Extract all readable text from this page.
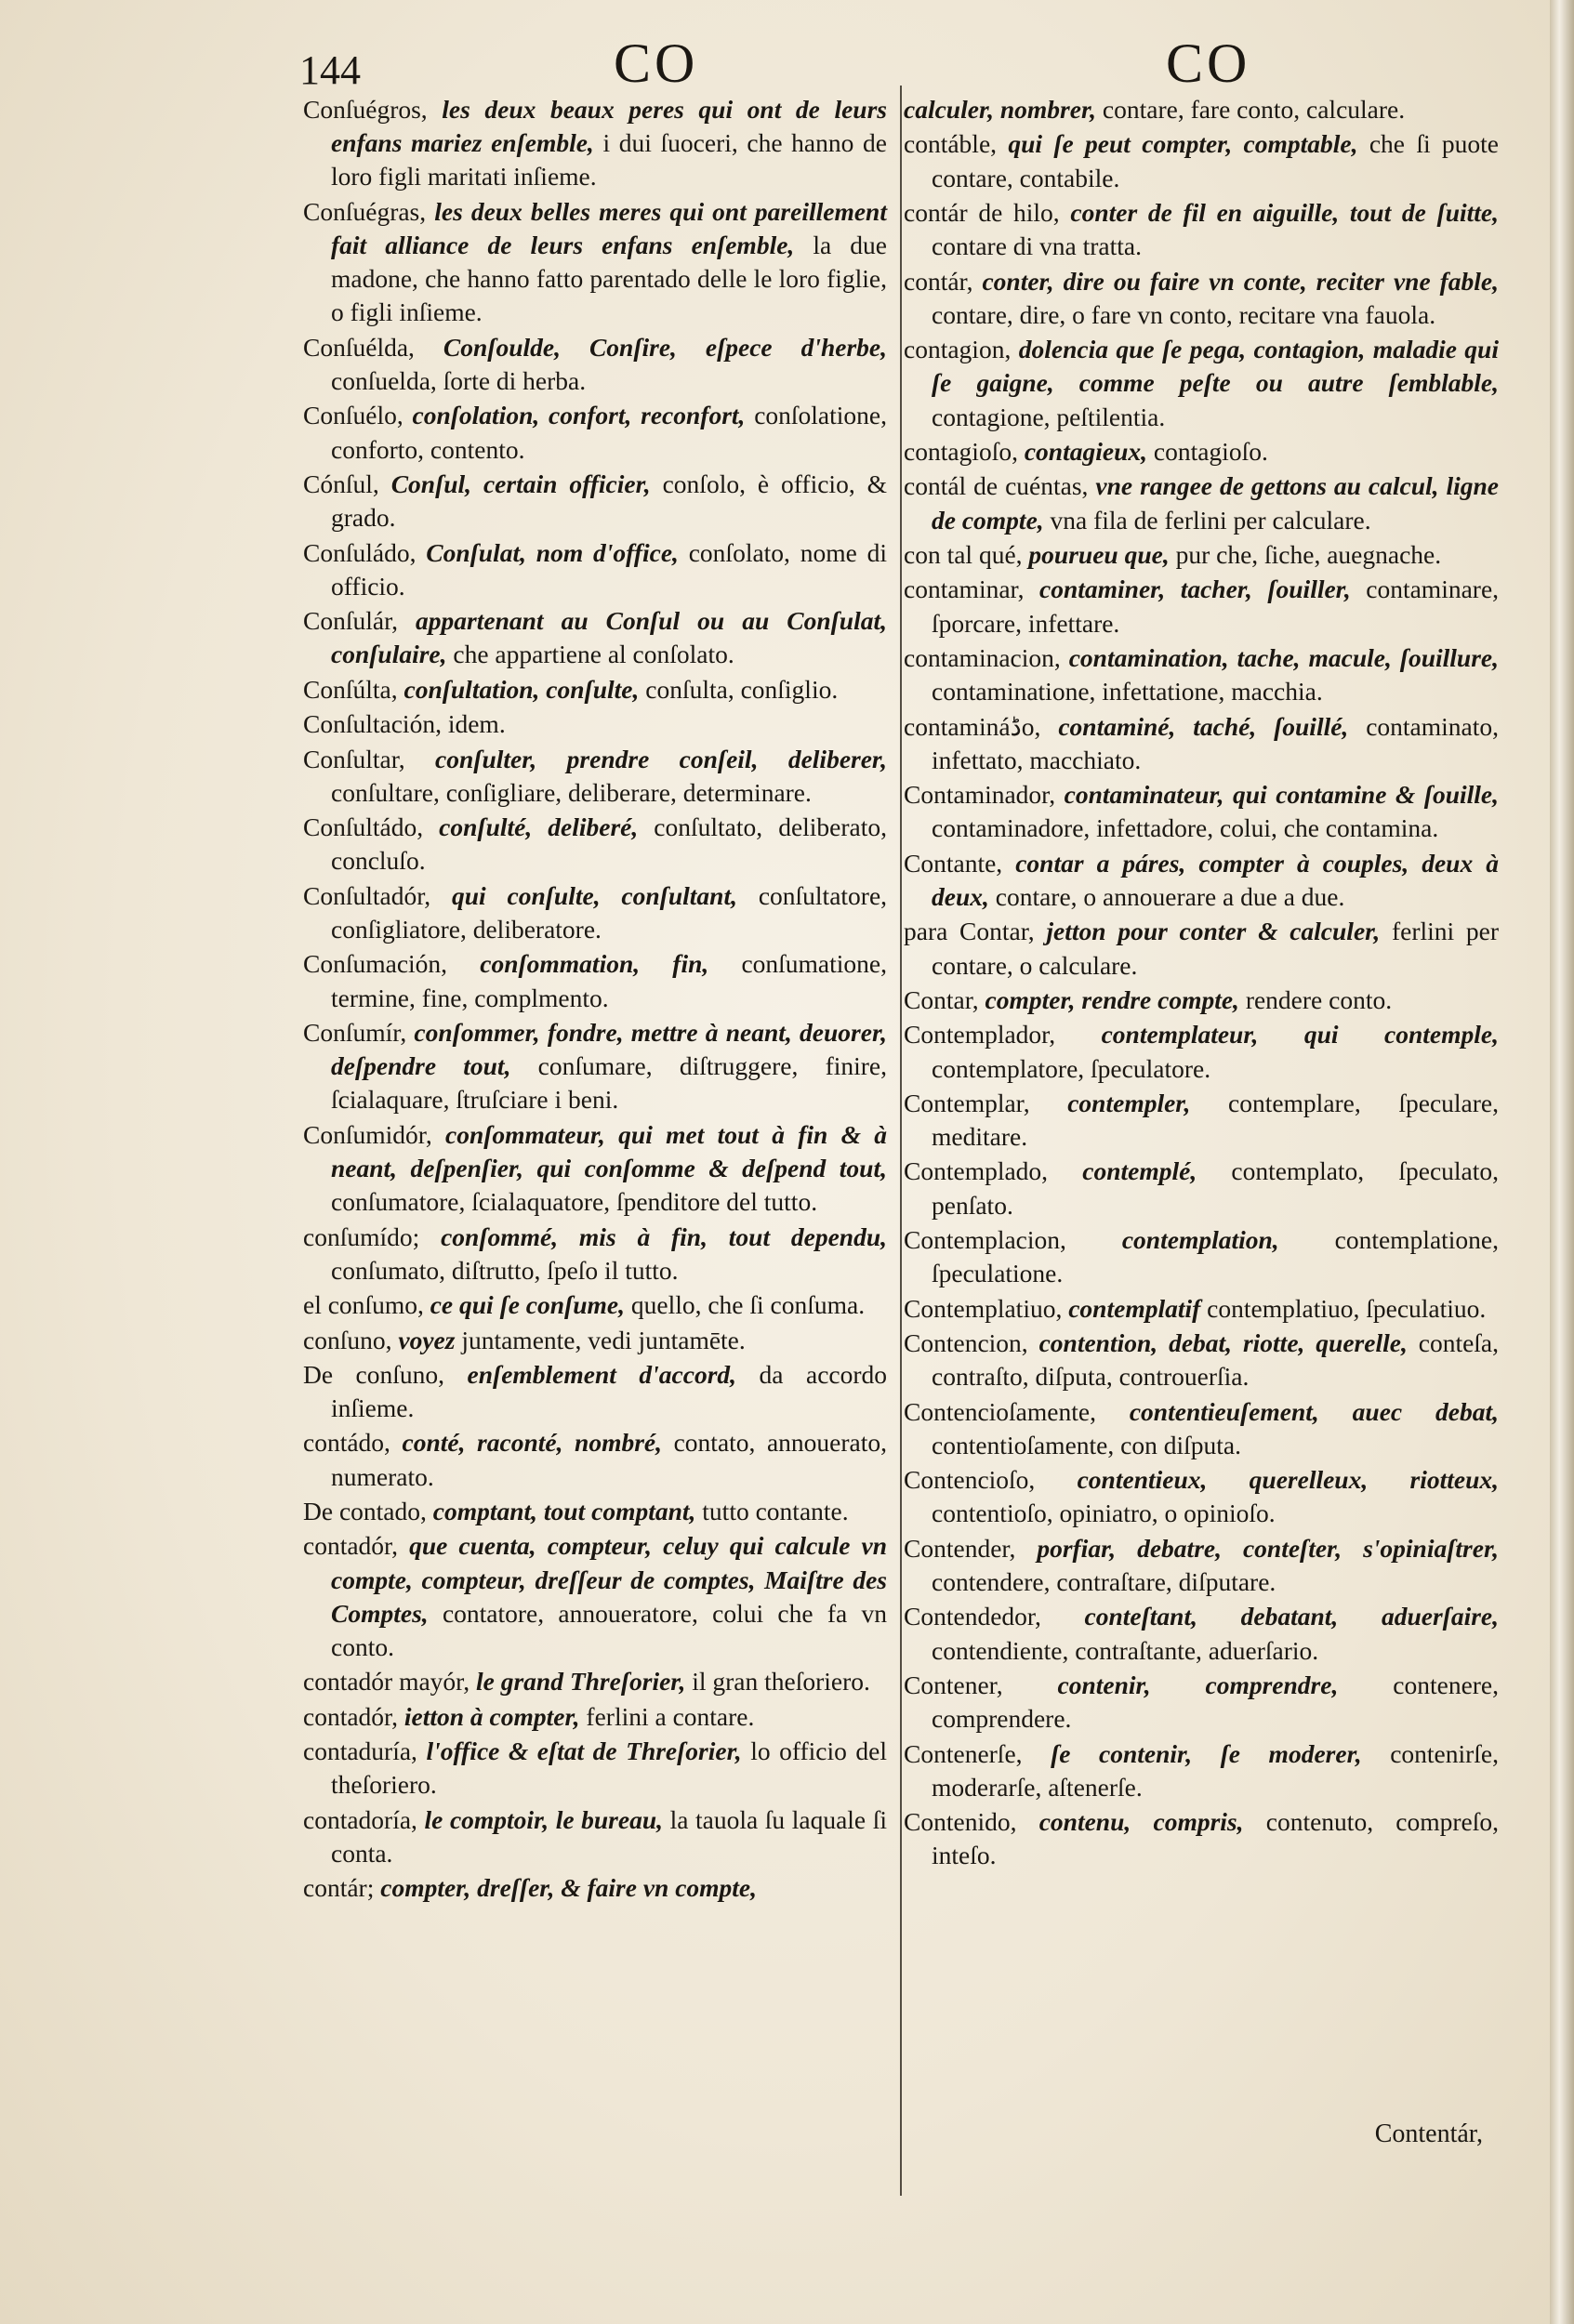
144	CO	CO
Conſuégros, les deux beaux peres qui ont de leurs enfans mariez enſemble, i dui ſuoceri, che hanno de loro figli maritati inſieme.
Conſuégras, les deux belles meres qui ont pareillement fait alliance de leurs enfans enſemble, la due madone, che hanno fatto parentado delle le loro figlie, o figli inſieme.
Conſuélda, Conſoulde, Conſire, eſpece d'herbe, conſuelda, ſorte di herba.
Conſuélo, conſolation, confort, reconfort, conſolatione, conforto, contento.
Cónſul, Conſul, certain officier, conſolo, è officio, & grado.
Conſuládo, Conſulat, nom d'office, conſolato, nome di officio.
Conſulár, appartenant au Conſul ou au Conſulat, conſulaire, che appartiene al conſolato.
Conſúlta, conſultation, conſulte, conſulta, conſiglio.
Conſultación, idem.
Conſultar, conſulter, prendre conſeil, deliberer, conſultare, conſigliare, deliberare, determinare.
Conſultádo, conſulté, deliberé, conſultato, deliberato, concluſo.
Conſultadór, qui conſulte, conſultant, conſultatore, conſigliatore, deliberatore.
Conſumación, conſommation, fin, conſumatione, termine, fine, complmento.
Conſumír, conſommer, fondre, mettre à neant, deuorer, deſpendre tout, conſumare, diſtruggere, finire, ſcialaquare, ſtruſciare i beni.
Conſumidór, conſommateur, qui met tout à fin & à neant, deſpenſier, qui conſomme & deſpend tout, conſumatore, ſcialaquatore, ſpenditore del tutto.
conſumído; conſommé, mis à fin, tout dependu, conſumato, diſtrutto, ſpeſo il tutto.
el conſumo, ce qui ſe conſume, quello, che ſi conſuma.
conſuno, voyez juntamente, vedi juntamēte.
De conſuno, enſemblement d'accord, da accordo inſieme.
contádo, conté, raconté, nombré, contato, annouerato, numerato.
De contado, comptant, tout comptant, tutto contante.
contadór, que cuenta, compteur, celuy qui calcule vn compte, compteur, dreſſeur de comptes, Maiſtre des Comptes, contatore, annoueratore, colui che fa vn conto.
contadór mayór, le grand Threſorier, il gran theſoriero.
contadór, ietton à compter, ferlini a contare.
contaduría, l'office & eſtat de Threſorier, lo officio del theſoriero.
contadoría, le comptoir, le bureau, la tauola ſu laquale ſi conta.
contár; compter, dreſſer, & faire vn compte,
calculer, nombrer, contare, fare conto, calculare.
contáble, qui ſe peut compter, comptable, che ſi puote contare, contabile.
contár de hilo, conter de fil en aiguille, tout de ſuitte, contare di vna tratta.
contár, conter, dire ou faire vn conte, reciter vne fable, contare, dire, o fare vn conto, recitare vna fauola.
contagion, dolencia que ſe pega, contagion, maladie qui ſe gaigne, comme peſte ou autre ſemblable, contagione, peſtilentia.
contagioſo, contagieux, contagioſo.
contál de cuéntas, vne rangee de gettons au calcul, ligne de compte, vna fila de ferlini per calculare.
con tal qué, pourueu que, pur che, ſiche, auegnache.
contaminar, contaminer, tacher, ſouiller, contaminare, ſporcare, infettare.
contaminacion, contamination, tache, macule, ſouillure, contaminatione, infettatione, macchia.
contamináڈo, contaminé, taché, ſouillé, contaminato, infettato, macchiato.
Contaminador, contaminateur, qui contamine & ſouille, contaminadore, infettadore, colui, che contamina.
Contante, contar a páres, compter à couples, deux à deux, contare, o annouerare a due a due.
para Contar, jetton pour conter & calculer, ferlini per contare, o calculare.
Contar, compter, rendre compte, rendere conto.
Contemplador, contemplateur, qui contemple, contemplatore, ſpeculatore.
Contemplar, contempler, contemplare, ſpeculare, meditare.
Contemplado, contemplé, contemplato, ſpeculato, penſato.
Contemplacion, contemplation, contemplatione, ſpeculatione.
Contemplatiuo, contemplatif contemplatiuo, ſpeculatiuo.
Contencion, contention, debat, riotte, querelle, conteſa, contraſto, diſputa, controuerſia.
Contencioſamente, contentieuſement, auec debat, contentioſamente, con diſputa.
Contencioſo, contentieux, querelleux, riotteux, contentioſo, opiniatro, o opinioſo.
Contender, porfiar, debatre, conteſter, s'opiniaſtrer, contendere, contraſtare, diſputare.
Contendedor, conteſtant, debatant, aduerſaire, contendiente, contraſtante, aduerſario.
Contener, contenir, comprendre, contenere, comprendere.
Contenerſe, ſe contenir, ſe moderer, contenirſe, moderarſe, aſtenerſe.
Contenido, contenu, compris, contenuto, compreſo, inteſo.
Contentár,
